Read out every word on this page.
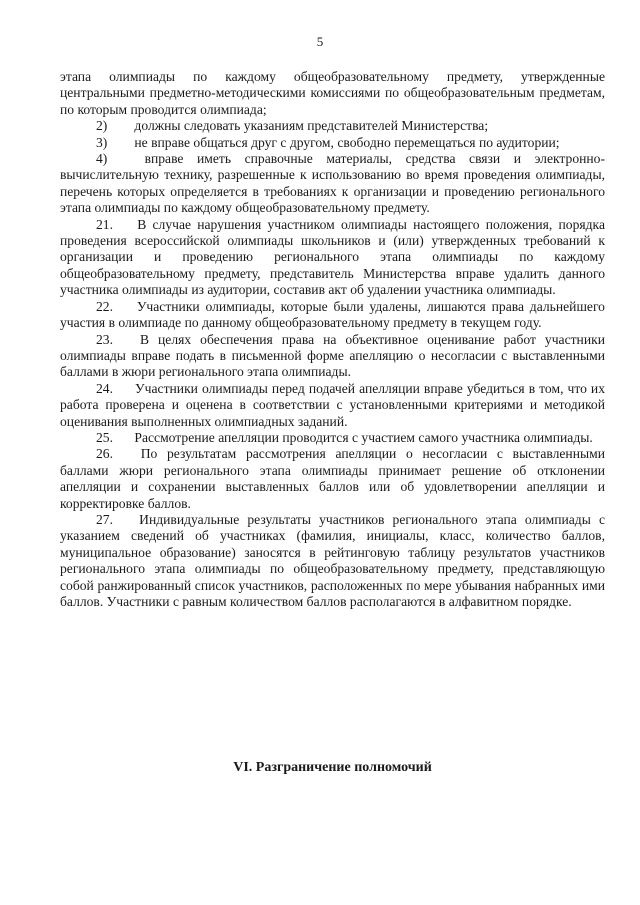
5

этапа олимпиады по каждому общеобразовательному предмету, утвержденные центральными предметно-методическими комиссиями по общеобразовательным предметам, по которым проводится олимпиада;

2) должны следовать указаниям представителей Министерства;

3) не вправе общаться друг с другом, свободно перемещаться по аудитории;

4)	вправе иметь справочные материалы, средства связи и электронно-вычислительную технику, разрешенные к использованию во время проведения олимпиады, перечень которых определяется в требованиях к организации и проведению регионального этапа олимпиады по каждому общеобразовательному предмету.

21. В случае нарушения участником олимпиады настоящего положения, порядка проведения всероссийской олимпиады школьников и (или) утвержденных требований к организации и проведению регионального этапа олимпиады по каждому общеобразовательному предмету, представитель Министерства вправе удалить данного участника олимпиады из аудитории, составив акт об удалении участника олимпиады.

22. Участники олимпиады, которые были удалены, лишаются права дальнейшего участия в олимпиаде по данному общеобразовательному предмету в текущем году.

23. В целях обеспечения права на объективное оценивание работ участники олимпиады вправе подать в письменной форме апелляцию о несогласии с выставленными баллами в жюри регионального этапа олимпиады.

24. Участники олимпиады перед подачей апелляции вправе убедиться в том, что их работа проверена и оценена в соответствии с установленными критериями и методикой оценивания выполненных олимпиадных заданий.

25. Рассмотрение апелляции проводится с участием самого участника олимпиады.

26. По результатам рассмотрения апелляции о несогласии с выставленными баллами жюри регионального этапа олимпиады принимает решение об отклонении апелляции и сохранении выставленных баллов или об удовлетворении апелляции и корректировке баллов.

27. Индивидуальные результаты участников регионального этапа олимпиады с указанием сведений об участниках (фамилия, инициалы, класс, количество баллов, муниципальное образование) заносятся в рейтинговую таблицу результатов участников регионального этапа олимпиады по общеобразовательному предмету, представляющую собой ранжированный список участников, расположенных по мере убывания набранных ими баллов. Участники с равным количеством баллов располагаются в алфавитном порядке.

VI. Разграничение полномочий
